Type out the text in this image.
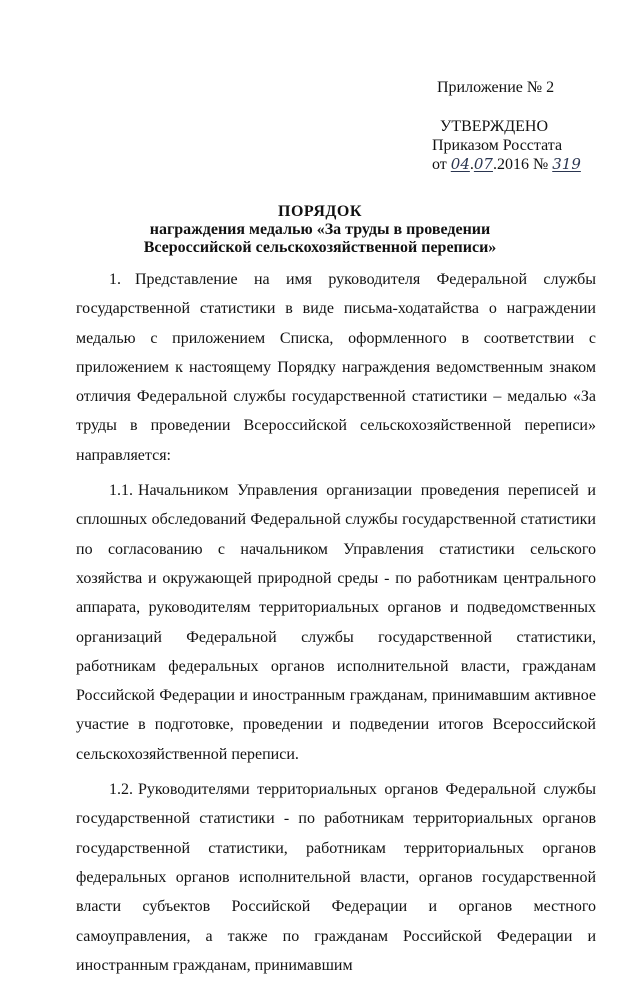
Приложение № 2
УТВЕРЖДЕНО
Приказом Росстата
от 04.07.2016 № 319
ПОРЯДОК
награждения медалью «За труды в проведении
Всероссийской сельскохозяйственной переписи»

1. Представление на имя руководителя Федеральной службы государственной статистики в виде письма-ходатайства о награждении медалью с приложением Списка, оформленного в соответствии с приложением к настоящему Порядку награждения ведомственным знаком отличия Федеральной службы государственной статистики – медалью «За труды в проведении Всероссийской сельскохозяйственной переписи» направляется:

1.1. Начальником Управления организации проведения переписей и сплошных обследований Федеральной службы государственной статистики по согласованию с начальником Управления статистики сельского хозяйства и окружающей природной среды - по работникам центрального аппарата, руководителям территориальных органов и подведомственных организаций Федеральной службы государственной статистики, работникам федеральных органов исполнительной власти, гражданам Российской Федерации и иностранным гражданам, принимавшим активное участие в подготовке, проведении и подведении итогов Всероссийской сельскохозяйственной переписи.

1.2. Руководителями территориальных органов Федеральной службы государственной статистики - по работникам территориальных органов государственной статистики, работникам территориальных органов федеральных органов исполнительной власти, органов государственной власти субъектов Российской Федерации и органов местного самоуправления, а также по гражданам Российской Федерации и иностранным гражданам, принимавшим
